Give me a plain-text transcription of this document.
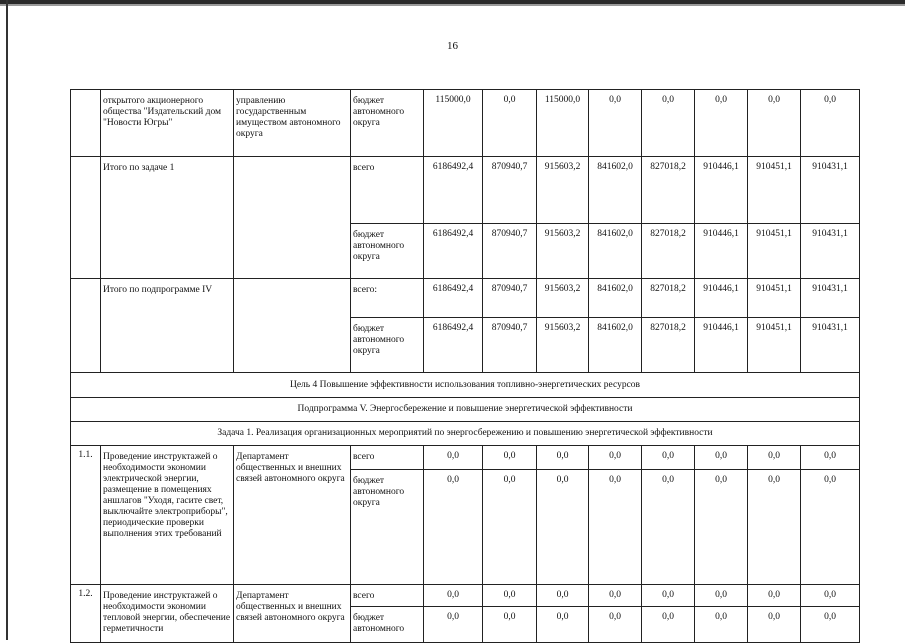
16
	открытого акционерного общества "Издательский дом "Новости Югры"	управлению государственным имуществом автономного округа	бюджет автономного округа	115000,0	0,0	115000,0	0,0	0,0	0,0	0,0	0,0
	Итого по задаче 1		всего	6186492,4	870940,7	915603,2	841602,0	827018,2	910446,1	910451,1	910431,1
			бюджет автономного округа	6186492,4	870940,7	915603,2	841602,0	827018,2	910446,1	910451,1	910431,1
	Итого по подпрограмме IV		всего:	6186492,4	870940,7	915603,2	841602,0	827018,2	910446,1	910451,1	910431,1
			бюджет автономного округа	6186492,4	870940,7	915603,2	841602,0	827018,2	910446,1	910451,1	910431,1
Цель 4 Повышение эффективности использования топливно-энергетических ресурсов											
Подпрограмма V. Энергосбережение и повышение энергетической эффективности											
Задача 1. Реализация организационных мероприятий по энергосбережению и повышению энергетической эффективности											
1.1.	Проведение инструктажей о необходимости экономии электрической энергии, размещение в помещениях аншлагов "Уходя, гасите свет, выключайте электроприборы", периодические проверки выполнения этих требований	Департамент общественных и внешних связей автономного округа	всего	0,0	0,0	0,0	0,0	0,0	0,0	0,0	0,0
			бюджет автономного округа	0,0	0,0	0,0	0,0	0,0	0,0	0,0	0,0
1.2.	Проведение инструктажей о необходимости экономии тепловой энергии, обеспечение герметичности	Департамент общественных и внешних связей автономного округа	всего	0,0	0,0	0,0	0,0	0,0	0,0	0,0	0,0
			бюджет автономного	0,0	0,0	0,0	0,0	0,0	0,0	0,0	0,0
